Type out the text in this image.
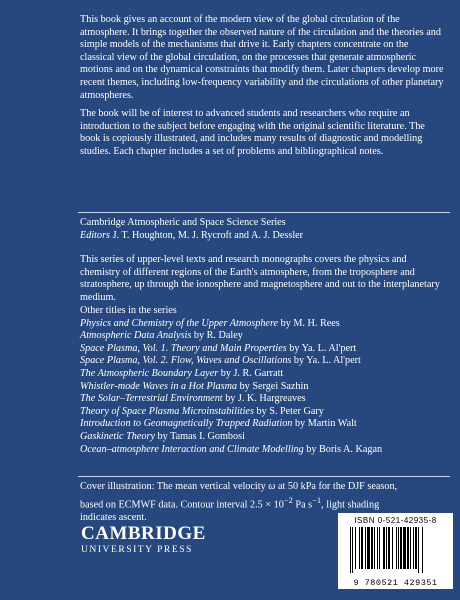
This book gives an account of the modern view of the global circulation of the atmosphere. It brings together the observed nature of the circulation and the theories and simple models of the mechanisms that drive it. Early chapters concentrate on the classical view of the global circulation, on the processes that generate atmospheric motions and on the dynamical constraints that modify them. Later chapters develop more recent themes, including low-frequency variability and the circulations of other planetary atmospheres.

The book will be of interest to advanced students and researchers who require an introduction to the subject before engaging with the original scientific literature. The book is copiously illustrated, and includes many results of diagnostic and modelling studies. Each chapter includes a set of problems and bibliographical notes.

Cambridge Atmospheric and Space Science Series
Editors J. T. Houghton, M. J. Rycroft and A. J. Dessler

This series of upper-level texts and research monographs covers the physics and chemistry of different regions of the Earth's atmosphere, from the troposphere and stratosphere, up through the ionosphere and magnetosphere and out to the interplanetary medium.

Other titles in the series
Physics and Chemistry of the Upper Atmosphere by M. H. Rees
Atmospheric Data Analysis by R. Daley
Space Plasma, Vol. 1. Theory and Main Properties by Ya. L. Al'pert
Space Plasma, Vol. 2. Flow, Waves and Oscillations by Ya. L. Al'pert
The Atmospheric Boundary Layer by J. R. Garratt
Whistler-mode Waves in a Hot Plasma by Sergei Sazhin
The Solar–Terrestrial Environment by J. K. Hargreaves
Theory of Space Plasma Microinstabilities by S. Peter Gary
Introduction to Geomagnetically Trapped Radiation by Martin Walt
Gaskinetic Theory by Tamas I. Gombosi
Ocean–atmosphere Interaction and Climate Modelling by Boris A. Kagan

Cover illustration: The mean vertical velocity ω at 50 kPa for the DJF season,
based on ECMWF data. Contour interval $2.5 \times 10^{-2}$ Pa $s^{-1}$, light shading
indicates ascent.

CAMBRIDGE
UNIVERSITY PRESS
ISBN 0-521-42935-8
9 780521 429351
